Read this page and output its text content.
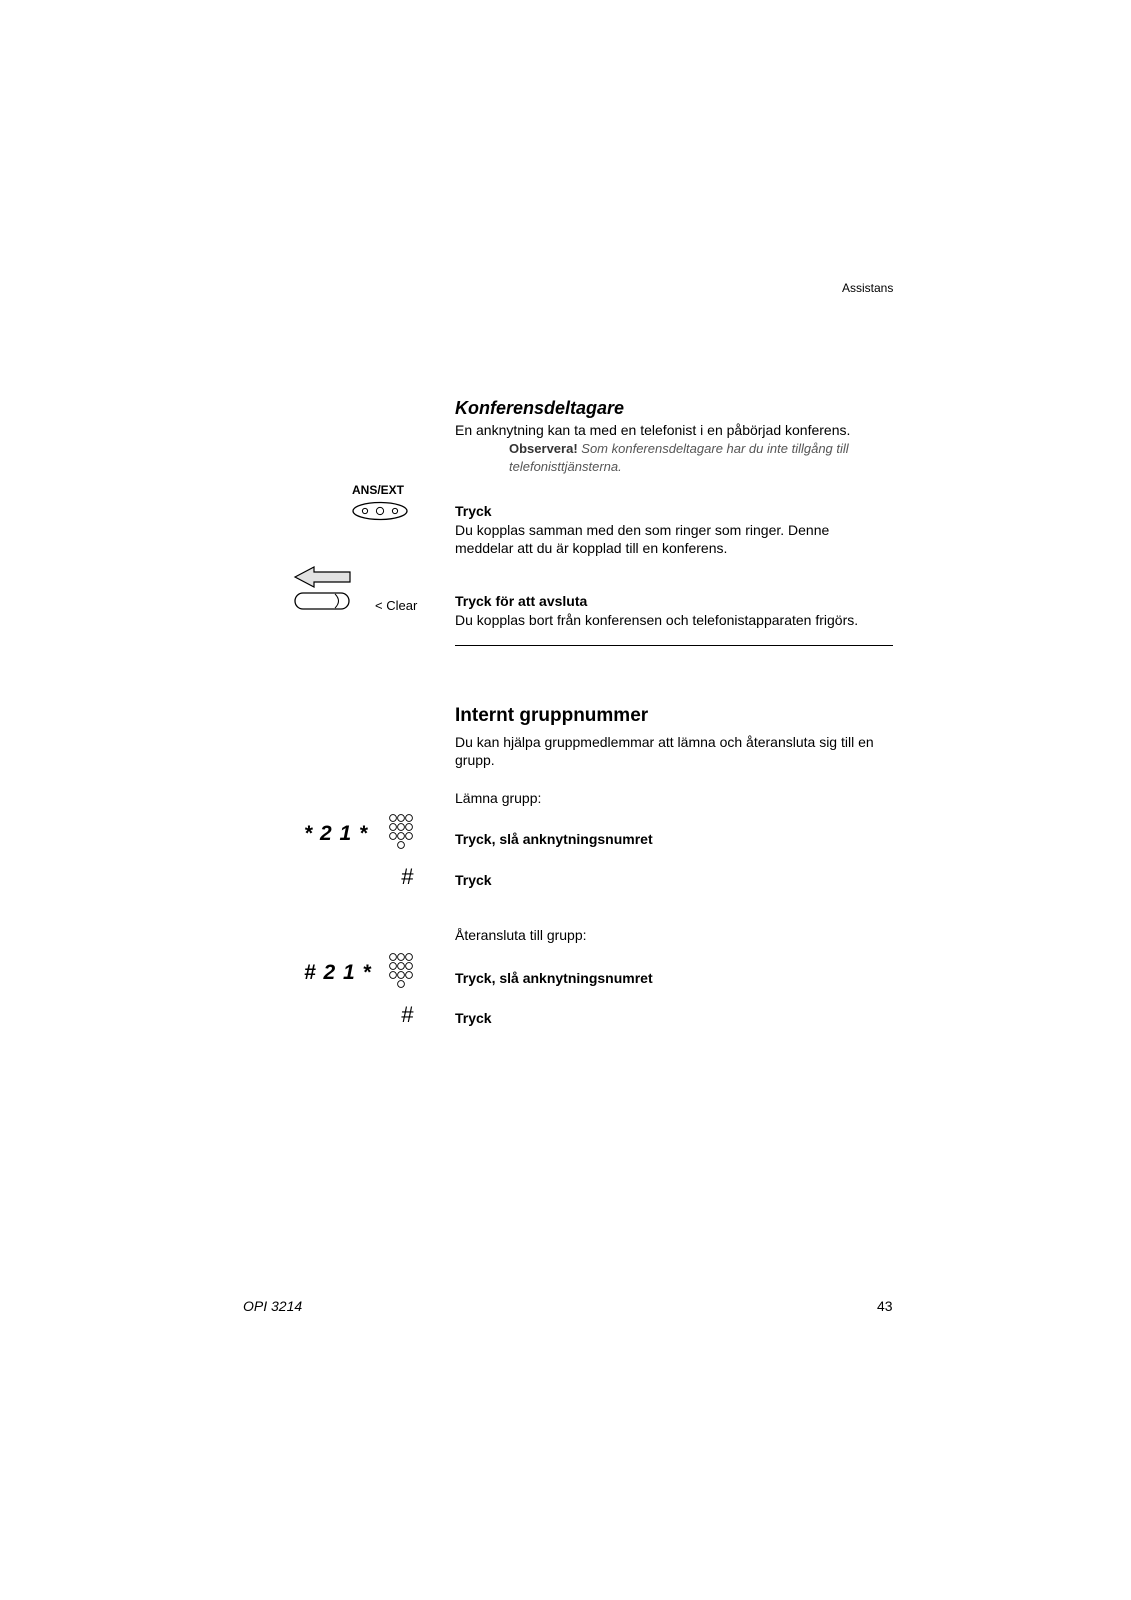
Assistans
Konferensdeltagare
En anknytning kan ta med en telefonist i en påbörjad konferens.
Observera! Som konferensdeltagare har du inte tillgång till telefonisttjänsterna.
ANS/EXT
Tryck
Du kopplas samman med den som ringer som ringer. Denne meddelar att du är kopplad till en konferens.
< Clear	Tryck för att avsluta
Du kopplas bort från konferensen och telefonistapparaten frigörs.
Internt gruppnummer
Du kan hjälpa gruppmedlemmar att lämna och återansluta sig till en grupp.
Lämna grupp:
* 2 1 *	Tryck, slå anknytningsnumret
#	Tryck
Återansluta till grupp:
# 2 1 *	Tryck, slå anknytningsnumret
#	Tryck
OPI 3214	43
